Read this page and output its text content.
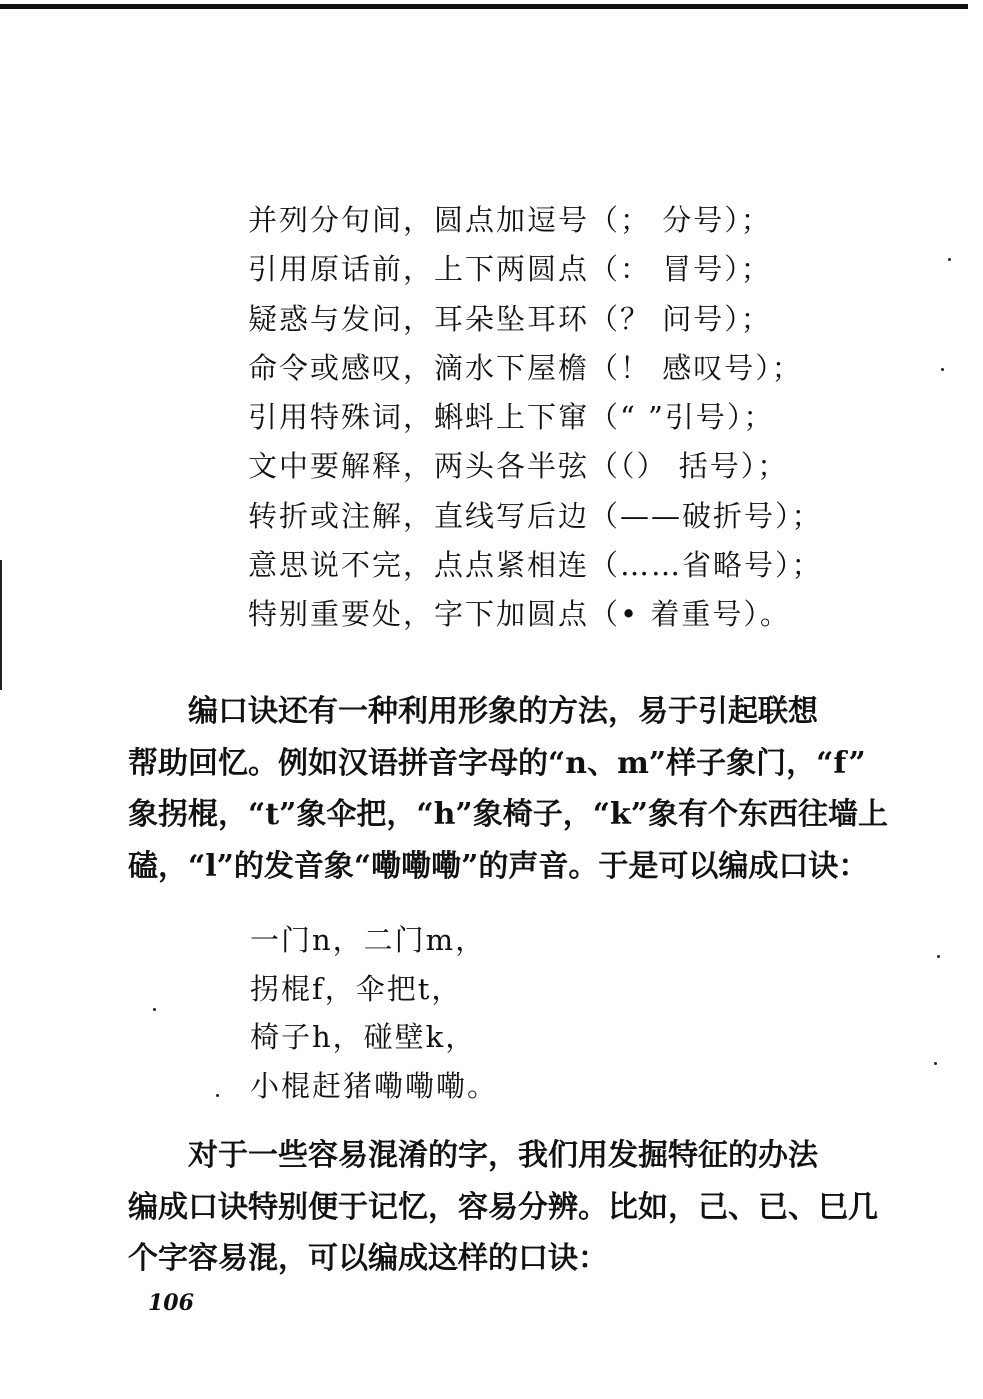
并列分句间，圆点加逗号（； 分号）；
引用原话前，上下两圆点（： 冒号）；
疑惑与发问，耳朵坠耳环（？ 问号）；
命令或感叹，滴水下屋檐（！ 感叹号）；
引用特殊词，蝌蚪上下窜（“ ”引号）；
文中要解释，两头各半弦（（） 括号）；
转折或注解，直线写后边（——破折号）；
意思说不完，点点紧相连（……省略号）；
特别重要处，字下加圆点（• 着重号）。
　　编口诀还有一种利用形象的方法，易于引起联想
帮助回忆。例如汉语拼音字母的“n、m”样子象门，“f”
象拐棍，“t”象伞把，“h”象椅子，“k”象有个东西往墙上
磕，“l”的发音象“嘞嘞嘞”的声音。于是可以编成口诀：
一门n，二门m，
拐棍f，伞把t，
椅子h，碰壁k，
小棍赶猪嘞嘞嘞。
　　对于一些容易混淆的字，我们用发掘特征的办法
编成口诀特别便于记忆，容易分辨。比如，己、已、巳几
个字容易混，可以编成这样的口诀：
106
